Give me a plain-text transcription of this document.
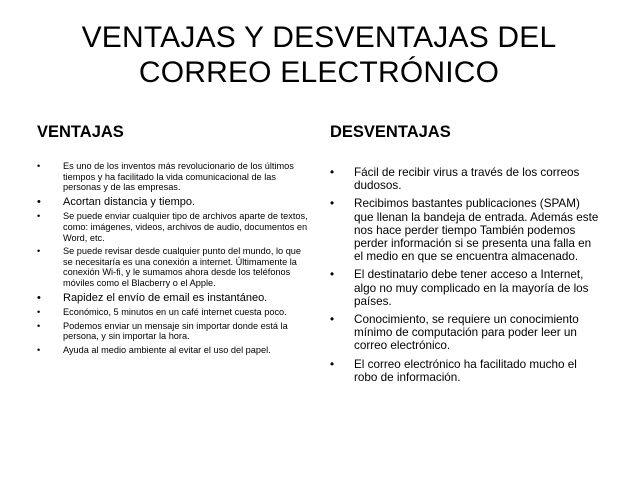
VENTAJAS Y DESVENTAJAS DEL
CORREO ELECTRÓNICO
VENTAJAS	DESVENTAJAS
• Es uno de los inventos más revolucionario de los últimos tiempos y ha facilitado la vida comunicacional de las personas y de las empresas.
• Acortan distancia y tiempo.
• Se puede enviar cualquier tipo de archivos aparte de textos, como: imágenes, videos, archivos de audio, documentos en Word, etc.
• Se puede revisar desde cualquier punto del mundo, lo que se necesitaría es una conexión a internet. Últimamente la conexión Wi-fi, y le sumamos ahora desde los teléfonos móviles como el Blacberry o el Apple.
• Rapidez el envío de email es instantáneo.
• Económico, 5 minutos en un café internet cuesta poco.
• Podemos enviar un mensaje sin importar donde está la persona, y sin importar la hora.
• Ayuda al medio ambiente al evitar el uso del papel.
• Fácil de recibir virus a través de los correos dudosos.
• Recibimos bastantes publicaciones (SPAM) que llenan la bandeja de entrada. Además este nos hace perder tiempo También podemos perder información si se presenta una falla en el medio en que se encuentra almacenado.
• El destinatario debe tener acceso a Internet, algo no muy complicado en la mayoría de los países.
• Conocimiento, se requiere un conocimiento mínimo de computación para poder leer un correo electrónico.
• El correo electrónico ha facilitado mucho el robo de información.
